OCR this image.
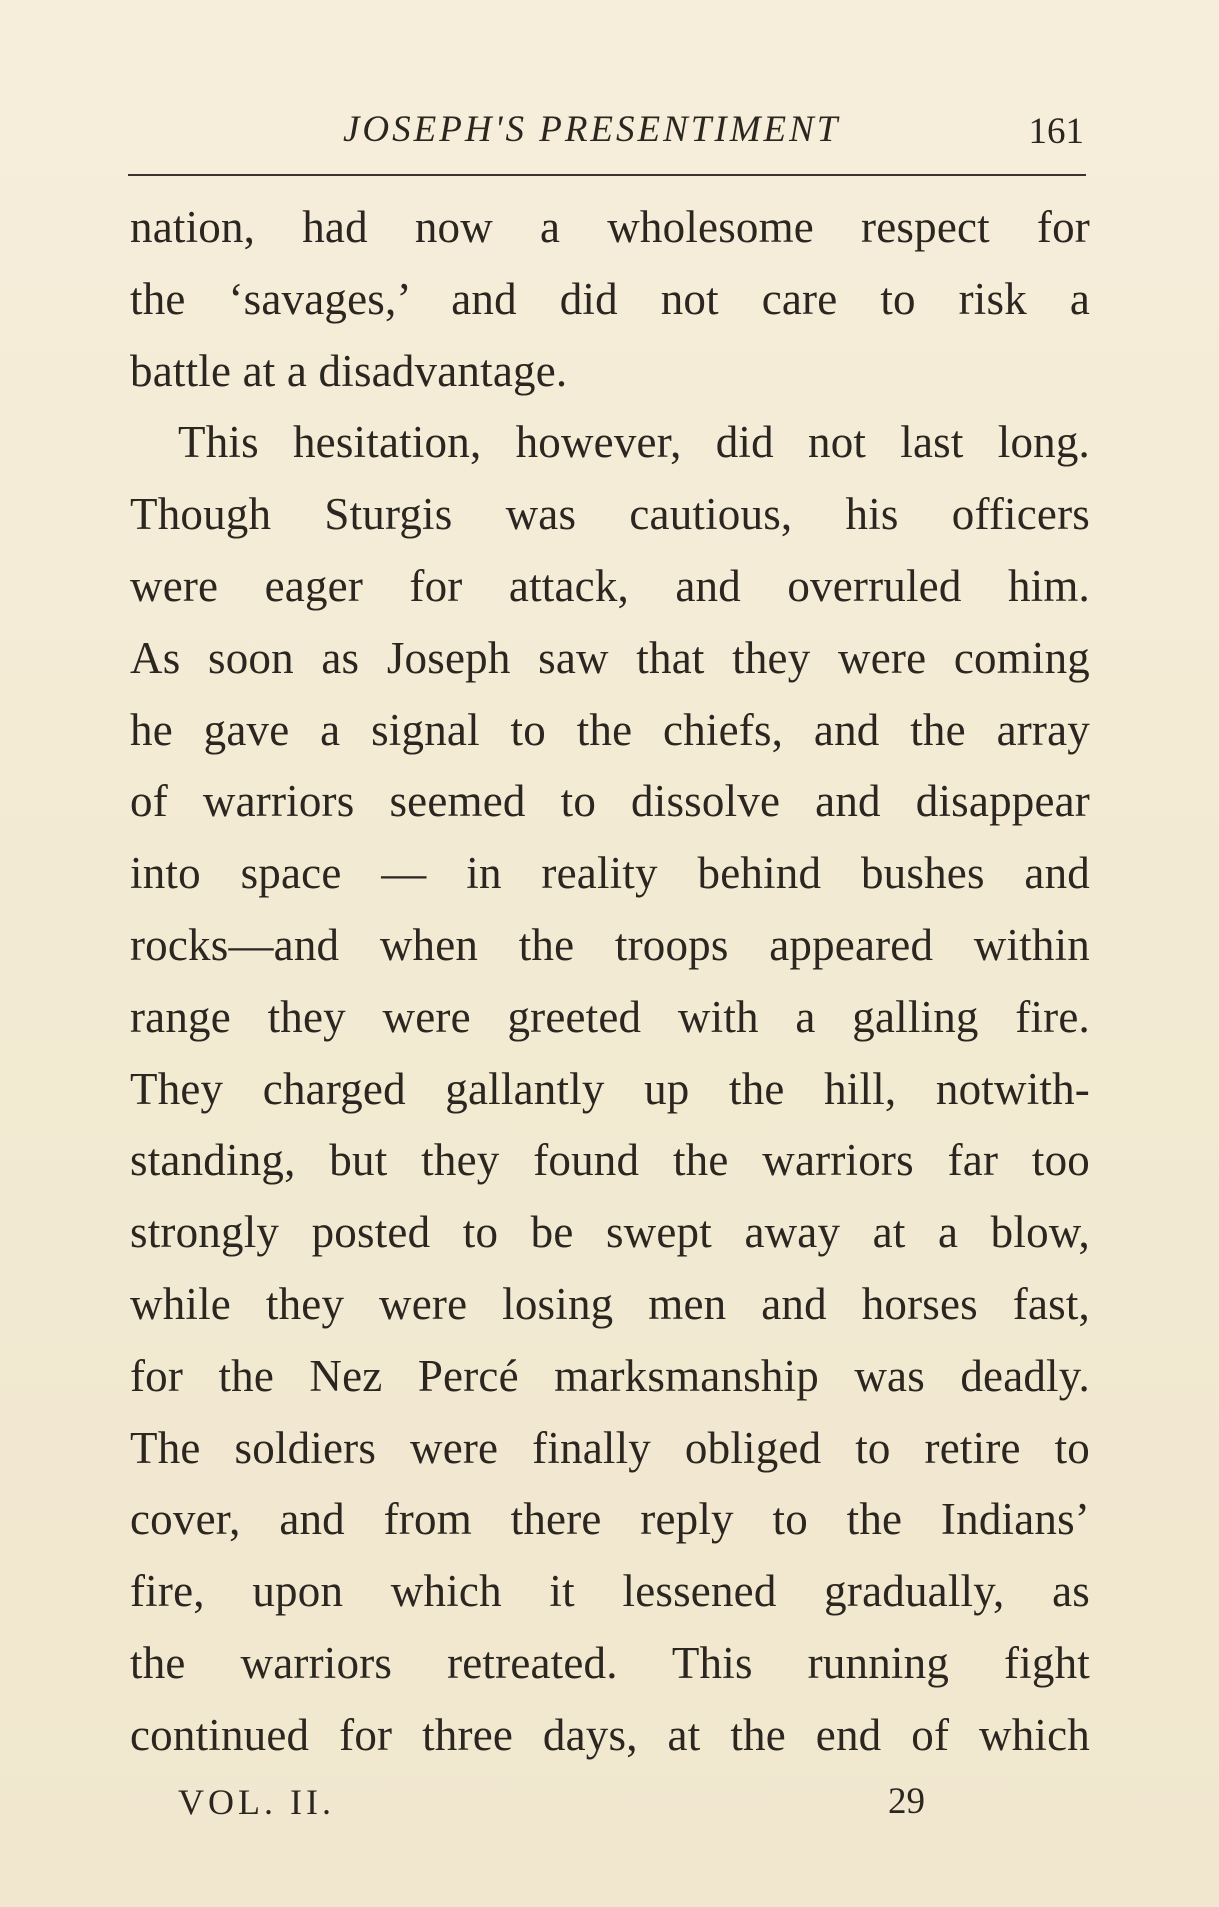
JOSEPH'S PRESENTIMENT	161
nation, had now a wholesome respect for
the ‘savages,’ and did not care to risk a
battle at a disadvantage.
This hesitation, however, did not last long.
Though Sturgis was cautious, his officers
were eager for attack, and overruled him.
As soon as Joseph saw that they were coming
he gave a signal to the chiefs, and the array
of warriors seemed to dissolve and disappear
into space — in reality behind bushes and
rocks—and when the troops appeared within
range they were greeted with a galling fire.
They charged gallantly up the hill, notwith-
standing, but they found the warriors far too
strongly posted to be swept away at a blow,
while they were losing men and horses fast,
for the Nez Percé marksmanship was deadly.
The soldiers were finally obliged to retire to
cover, and from there reply to the Indians’
fire, upon which it lessened gradually, as
the warriors retreated. This running fight
continued for three days, at the end of which
VOL. II.	29
